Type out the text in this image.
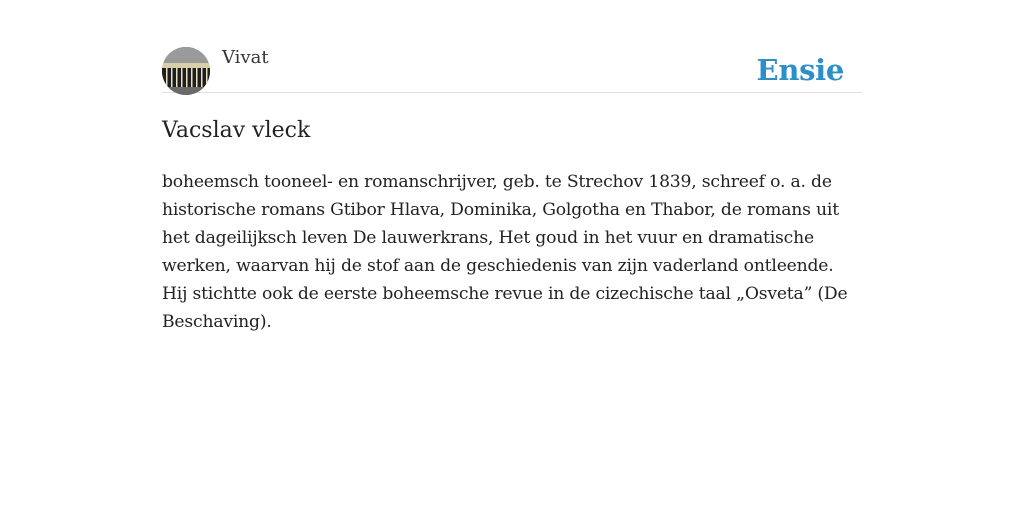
Vivat	Ensie
Vacslav vleck

boheemsch tooneel- en romanschrijver, geb. te Strechov 1839, schreef o. a. de historische romans Gtibor Hlava, Dominika, Golgotha en Thabor, de romans uit het dageilijksch leven De lauwerkrans, Het goud in het vuur en dramatische werken, waarvan hij de stof aan de geschiedenis van zijn vaderland ontleende. Hij stichtte ook de eerste boheemsche revue in de cizechische taal „Osveta” (De Beschaving).
